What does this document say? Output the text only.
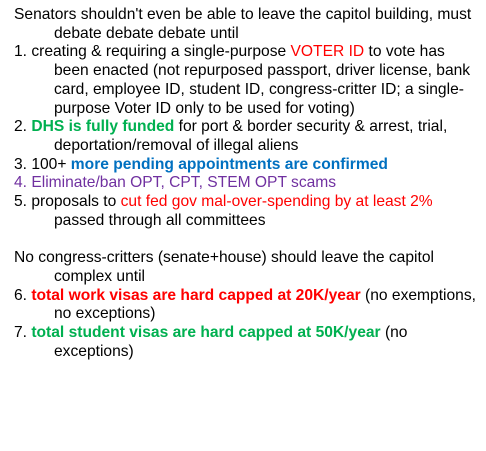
Senators shouldn't even be able to leave the capitol building, must debate debate debate until

1. creating & requiring a single-purpose VOTER ID to vote has been enacted (not repurposed passport, driver license, bank card, employee ID, student ID, congress-critter ID; a single-purpose Voter ID only to be used for voting)

2. DHS is fully funded for port & border security & arrest, trial, deportation/removal of illegal aliens

3. 100+ more pending appointments are confirmed

4. Eliminate/ban OPT, CPT, STEM OPT scams

5. proposals to cut fed gov mal-over-spending by at least 2% passed through all committees

No congress-critters (senate+house) should leave the capitol complex until

6. total work visas are hard capped at 20K/year (no exemptions, no exceptions)

7. total student visas are hard capped at 50K/year (no exceptions)
